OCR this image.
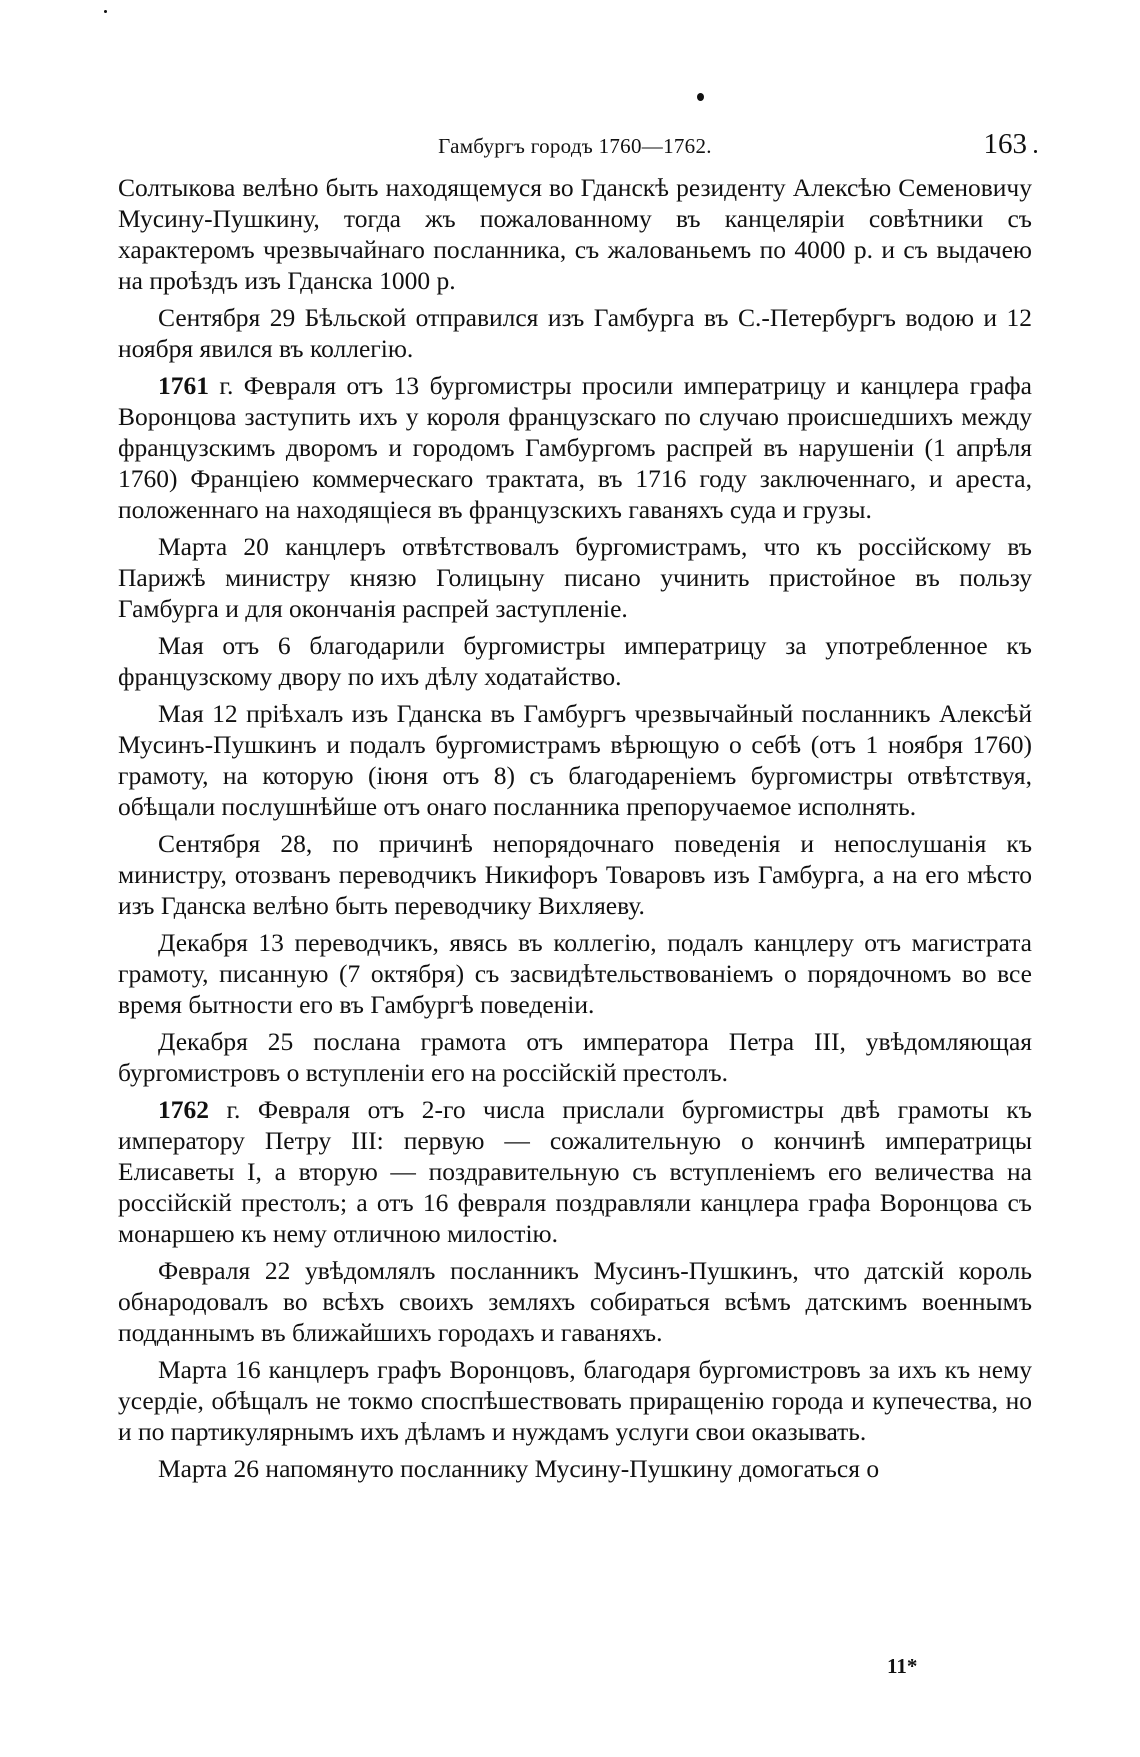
Гамбургъ городъ 1760—1762.	163

Солтыкова велѣно быть находящемуся во Гданскѣ резиденту Алексѣю Семеновичу Мусину-Пушкину, тогда жъ пожалованному въ канцеляріи совѣтники съ характеромъ чрезвычайнаго посланника, съ жалованьемъ по 4000 р. и съ выдачею на проѣздъ изъ Гданска 1000 р.

Сентября 29 Бѣльской отправился изъ Гамбурга въ С.-Петербургъ водою и 12 ноября явился въ коллегію.

1761 г. Февраля отъ 13 бургомистры просили императрицу и канцлера графа Воронцова заступить ихъ у короля французскаго по случаю происшедшихъ между французскимъ дворомъ и городомъ Гамбургомъ распрей въ нарушеніи (1 апрѣля 1760) Франціею коммерческаго трактата, въ 1716 году заключеннаго, и ареста, положеннаго на находящіеся въ французскихъ гаваняхъ суда и грузы.

Марта 20 канцлеръ отвѣтствовалъ бургомистрамъ, что къ россійскому въ Парижѣ министру князю Голицыну писано учинить пристойное въ пользу Гамбурга и для окончанія распрей заступленіе.

Мая отъ 6 благодарили бургомистры императрицу за употребленное къ французскому двору по ихъ дѣлу ходатайство.

Мая 12 пріѣхалъ изъ Гданска въ Гамбургъ чрезвычайный посланникъ Алексѣй Мусинъ-Пушкинъ и подалъ бургомистрамъ вѣрющую о себѣ (отъ 1 ноября 1760) грамоту, на которую (іюня отъ 8) съ благодареніемъ бургомистры отвѣтствуя, обѣщали послушнѣйше отъ онаго посланника препоручаемое исполнять.

Сентября 28, по причинѣ непорядочнаго поведенія и непослушанія къ министру, отозванъ переводчикъ Никифоръ Товаровъ изъ Гамбурга, а на его мѣсто изъ Гданска велѣно быть переводчику Вихляеву.

Декабря 13 переводчикъ, явясь въ коллегію, подалъ канцлеру отъ магистрата грамоту, писанную (7 октября) съ засвидѣтельствованіемъ о порядочномъ во все время бытности его въ Гамбургѣ поведеніи.

Декабря 25 послана грамота отъ императора Петра III, увѣдомляющая бургомистровъ о вступленіи его на россійскій престолъ.

1762 г. Февраля отъ 2-го числа прислали бургомистры двѣ грамоты къ императору Петру III: первую — сожалительную о кончинѣ императрицы Елисаветы I, а вторую — поздравительную съ вступленіемъ его величества на россійскій престолъ; а отъ 16 февраля поздравляли канцлера графа Воронцова съ монаршею къ нему отличною милостію.

Февраля 22 увѣдомлялъ посланникъ Мусинъ-Пушкинъ, что датскій король обнародовалъ во всѣхъ своихъ земляхъ собираться всѣмъ датскимъ военнымъ подданнымъ въ ближайшихъ городахъ и гаваняхъ.

Марта 16 канцлеръ графъ Воронцовъ, благодаря бургомистровъ за ихъ къ нему усердіе, обѣщалъ не токмо споспѣшествовать приращенію города и купечества, но и по партикулярнымъ ихъ дѣламъ и нуждамъ услуги свои оказывать.

Марта 26 напомянуто посланнику Мусину-Пушкину домогаться о

11*
